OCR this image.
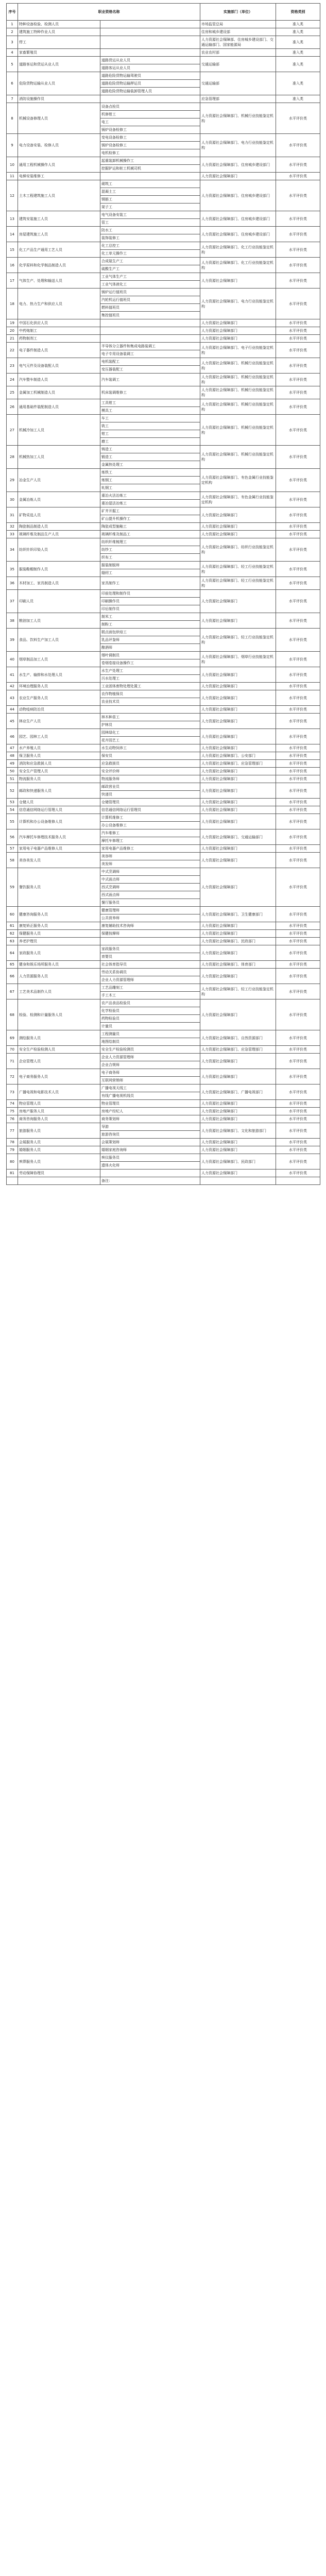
序号	职业资格名称		实施部门（单位）	资格类别
1	特种设备检验、检测人员		市场监管总局	准入类
2	建筑施工特种作业人员		住房和城乡建设部	准入类
3	焊工		人力资源社会保障部、住房城乡建设部门、交通运输部门、国家能源局	准入类
4	家畜繁殖员		农业农村部	准入类
5	道路客运和货运从业人员	道路货运从业人员	交通运输部	准入类
		道路客运从业人员		
6	危险货物运输从业人员	道路危险货物运输驾驶员	交通运输部	准入类
		道路危险货物运输押运员		
		道路危险货物运输装卸管理人员		
7	消防设施操作员		应急管理部	准入类
8	机械设备修理人员	设备点检员	人力资源社会保障部门、机械行业技能鉴定机构	水平评价类
		机修钳工		
		电工		
		锅炉设备检修工		
9	电力设备安装、检修人员	变电设备检修工	人力资源社会保障部门、电力行业技能鉴定机构	水平评价类
		锅炉设备检修工		
		电机检修工		
10	通用工程机械操作人员	起重装卸机械操作工	人力资源社会保障部门、住房城乡建设部门	水平评价类
		挖掘铲运和桩工机械司机		
11	电梯安装维修工		人力资源社会保障部门	水平评价类
12	土木工程建筑施工人员	砌筑工	人力资源社会保障部门、住房城乡建设部门	水平评价类
		混凝土工		
		钢筋工		
		架子工		
13	建筑安装施工人员	电气设备安装工	人力资源社会保障部门、住房城乡建设部门	水平评价类
		管工		
14	房屋建筑施工人员	防水工	人力资源社会保障部门、住房城乡建设部门	水平评价类
		装饰装修工		
15	化工产品生产通用工艺人员	化工总控工	人力资源社会保障部门、化工行业技能鉴定机构	水平评价类
		化工单元操作工		
16	化学原料和化学制品制造人员	合成氨生产工	人力资源社会保障部门、化工行业技能鉴定机构	水平评价类
		硫酸生产工		
17	气体生产、处理和输送人员	工业气体生产工	人力资源社会保障部门	水平评价类
		工业气体液化工		
18	电力、热力生产和供应人员	锅炉运行值班员	人力资源社会保障部门、电力行业技能鉴定机构	水平评价类
		汽轮机运行值班员		
		燃料值班员		
		集控值班员		
19	中国石化供应人员		人力资源社会保障部门	水平评价类
20	中药炮制工		人力资源社会保障部门	水平评价类
21	药物制剂工		人力资源社会保障部门	水平评价类
22	电子器件制造人员	半导体分立器件和集成电路装调工	人力资源社会保障部门、电子行业技能鉴定机构	水平评价类
		电子专用设备装调工		
23	电气元件及设备装配人员	电机装配工	人力资源社会保障部门、机械行业技能鉴定机构	水平评价类
		变压器装配工		
24	汽车整车制造人员	汽车装调工	人力资源社会保障部门、机械行业技能鉴定机构	水平评价类
25	金属加工机械制造人员	机床装调维修工	人力资源社会保障部门、机械行业技能鉴定机构	水平评价类
26	通用基础件装配制造人员	工具钳工	人力资源社会保障部门、机械行业技能鉴定机构	水平评价类
		模具工		
27	机械冷加工人员	车工	人力资源社会保障部门、机械行业技能鉴定机构	水平评价类
		铣工		
		钳工		
		磨工		
28	机械热加工人员	铸造工	人力资源社会保障部门、机械行业技能鉴定机构	水平评价类
		锻造工		
		金属热处理工		
29	冶金生产人员	炼铁工	人力资源社会保障部门、有色金属行业技能鉴定机构	水平评价类
		炼钢工		
		轧钢工		
30	金属冶炼人员	重冶火法冶炼工	人力资源社会保障部门、有色金属行业技能鉴定机构	水平评价类
		重冶湿法冶炼工		
31	矿物采选人员	矿井开掘工	人力资源社会保障部门	水平评价类
		矿山提升机操作工		
32	陶瓷制品制造人员	陶瓷成型施釉工	人力资源社会保障部门	水平评价类
33	玻璃纤维及制品生产人员	玻璃纤维及制品工	人力资源社会保障部门	水平评价类
34	纺织针织印染人员	纺织纤维梳理工	人力资源社会保障部门、纺织行业技能鉴定机构	水平评价类
		纺纱工		
		织布工		
35	服装鞋帽制作人员	服装制版师	人力资源社会保障部门、轻工行业技能鉴定机构	水平评价类
		缝纫工		
36	木材加工、家具制造人员	家具制作工	人力资源社会保障部门、轻工行业技能鉴定机构	水平评价类
37	印刷人员	印前处理和制作员	人力资源社会保障部门	水平评价类
		印刷操作员		
		印后制作员		
38	粮油加工人员	制米工	人力资源社会保障部门	水平评价类
		制粉工		
39	食品、饮料生产加工人员	糕点面包烘焙工	人力资源社会保障部门、轻工行业技能鉴定机构	水平评价类
		乳品评鉴师		
		酿酒师		
40	烟草制品加工人员	烟叶调制员	人力资源社会保障部门、烟草行业技能鉴定机构	水平评价类
		卷烟卷接设备操作工		
41	水生产、输排和水处理人员	水生产处理工	人力资源社会保障部门	水平评价类
		污水处理工		
42	环境治理服务人员	工业固体废物处理处置工	人力资源社会保障部门	水平评价类
43	农业生产服务人员	农作物植保员	人力资源社会保障部门	水平评价类
		农业技术员		
44	动物疫病防治员		人力资源社会保障部门	水平评价类
45	林业生产人员	林木种苗工	人力资源社会保障部门	水平评价类
		护林员		
46	园艺、园林工人员	园林绿化工	人力资源社会保障部门	水平评价类
		花卉园艺工		
47	水产养殖人员	水生动物饲养工	人力资源社会保障部门	水平评价类
48	保卫服务人员	保安员	人力资源社会保障部门、公安部门	水平评价类
49	消防和应急救援人员	应急救援员	人力资源社会保障部门、应急管理部门	水平评价类
50	安全生产管理人员	安全评价师	人力资源社会保障部门	水平评价类
51	物流服务人员	物流服务师	人力资源社会保障部门	水平评价类
52	邮政和快递服务人员	邮政营业员	人力资源社会保障部门	水平评价类
		快递员		
53	仓储人员	仓储管理员	人力资源社会保障部门	水平评价类
54	信息通信网络运行管理人员	信息通信网络运行管理员	人力资源社会保障部门	水平评价类
55	计算机和办公设备维修人员	计算机维修工	人力资源社会保障部门	水平评价类
		办公设备维修工		
56	汽车摩托车修理技术服务人员	汽车维修工	人力资源社会保障部门、交通运输部门	水平评价类
		摩托车修理工		
57	家用电子电器产品维修人员	家用电器产品维修工	人力资源社会保障部门	水平评价类
58	美容美发人员	美容师	人力资源社会保障部门	水平评价类
		美发师		
59	餐饮服务人员	中式烹调师	人力资源社会保障部门	水平评价类
		中式面点师		
		西式烹调师		
		西式面点师		
		餐厅服务员		
60	健康咨询服务人员	健康管理师	人力资源社会保障部门、卫生健康部门	水平评价类
		公共营养师		
61	康复矫正服务人员	康复辅助技术咨询师	人力资源社会保障部门	水平评价类
62	保健服务人员	保健按摩师	人力资源社会保障部门	水平评价类
63	养老护理员		人力资源社会保障部门、民政部门	水平评价类
64	家政服务人员	家政服务员	人力资源社会保障部门	水平评价类
		育婴员		
65	健身和娱乐场所服务人员	社会体育指导员	人力资源社会保障部门、体育部门	水平评价类
66	人力资源服务人员	劳动关系协调员	人力资源社会保障部门	水平评价类
		企业人力资源管理师		
67	工艺美术品制作人员	工艺品雕刻工	人力资源社会保障部门、轻工行业技能鉴定机构	水平评价类
		手工木工		
68	检验、检测和计量服务人员	农产品食品检验员	人力资源社会保障部门	水平评价类
		化学检验员		
		药物检验员		
		计量员		
69	测绘服务人员	工程测量员	人力资源社会保障部门、自然资源部门	水平评价类
		地图绘制员		
70	安全生产检验检测人员	安全生产检验检测员	人力资源社会保障部门、应急管理部门	水平评价类
71	企业管理人员	企业人力资源管理师	人力资源社会保障部门	水平评价类
		企业合规师		
72	电子商务服务人员	电子商务师	人力资源社会保障部门	水平评价类
		互联网营销师		
73	广播电视和电影技术人员	广播电视天线工	人力资源社会保障部门、广播电视部门	水平评价类
		有线广播电视机线员		
74	物业管理人员	物业管理员	人力资源社会保障部门	水平评价类
75	房地产服务人员	房地产经纪人	人力资源社会保障部门	水平评价类
76	商务咨询服务人员	商务策划师	人力资源社会保障部门	水平评价类
77	旅游服务人员	导游	人力资源社会保障部门、文化和旅游部门	水平评价类
		旅游咨询员		
78	会展服务人员	会展策划师	人力资源社会保障部门	水平评价类
79	婚姻服务人员	婚姻家庭咨询师	人力资源社会保障部门	水平评价类
80	殡葬服务人员	殡仪服务员	人力资源社会保障部门、民政部门	水平评价类
		遗体火化师		
81	劳动保障协理员		人力资源社会保障部门	水平评价类
		备注：		
